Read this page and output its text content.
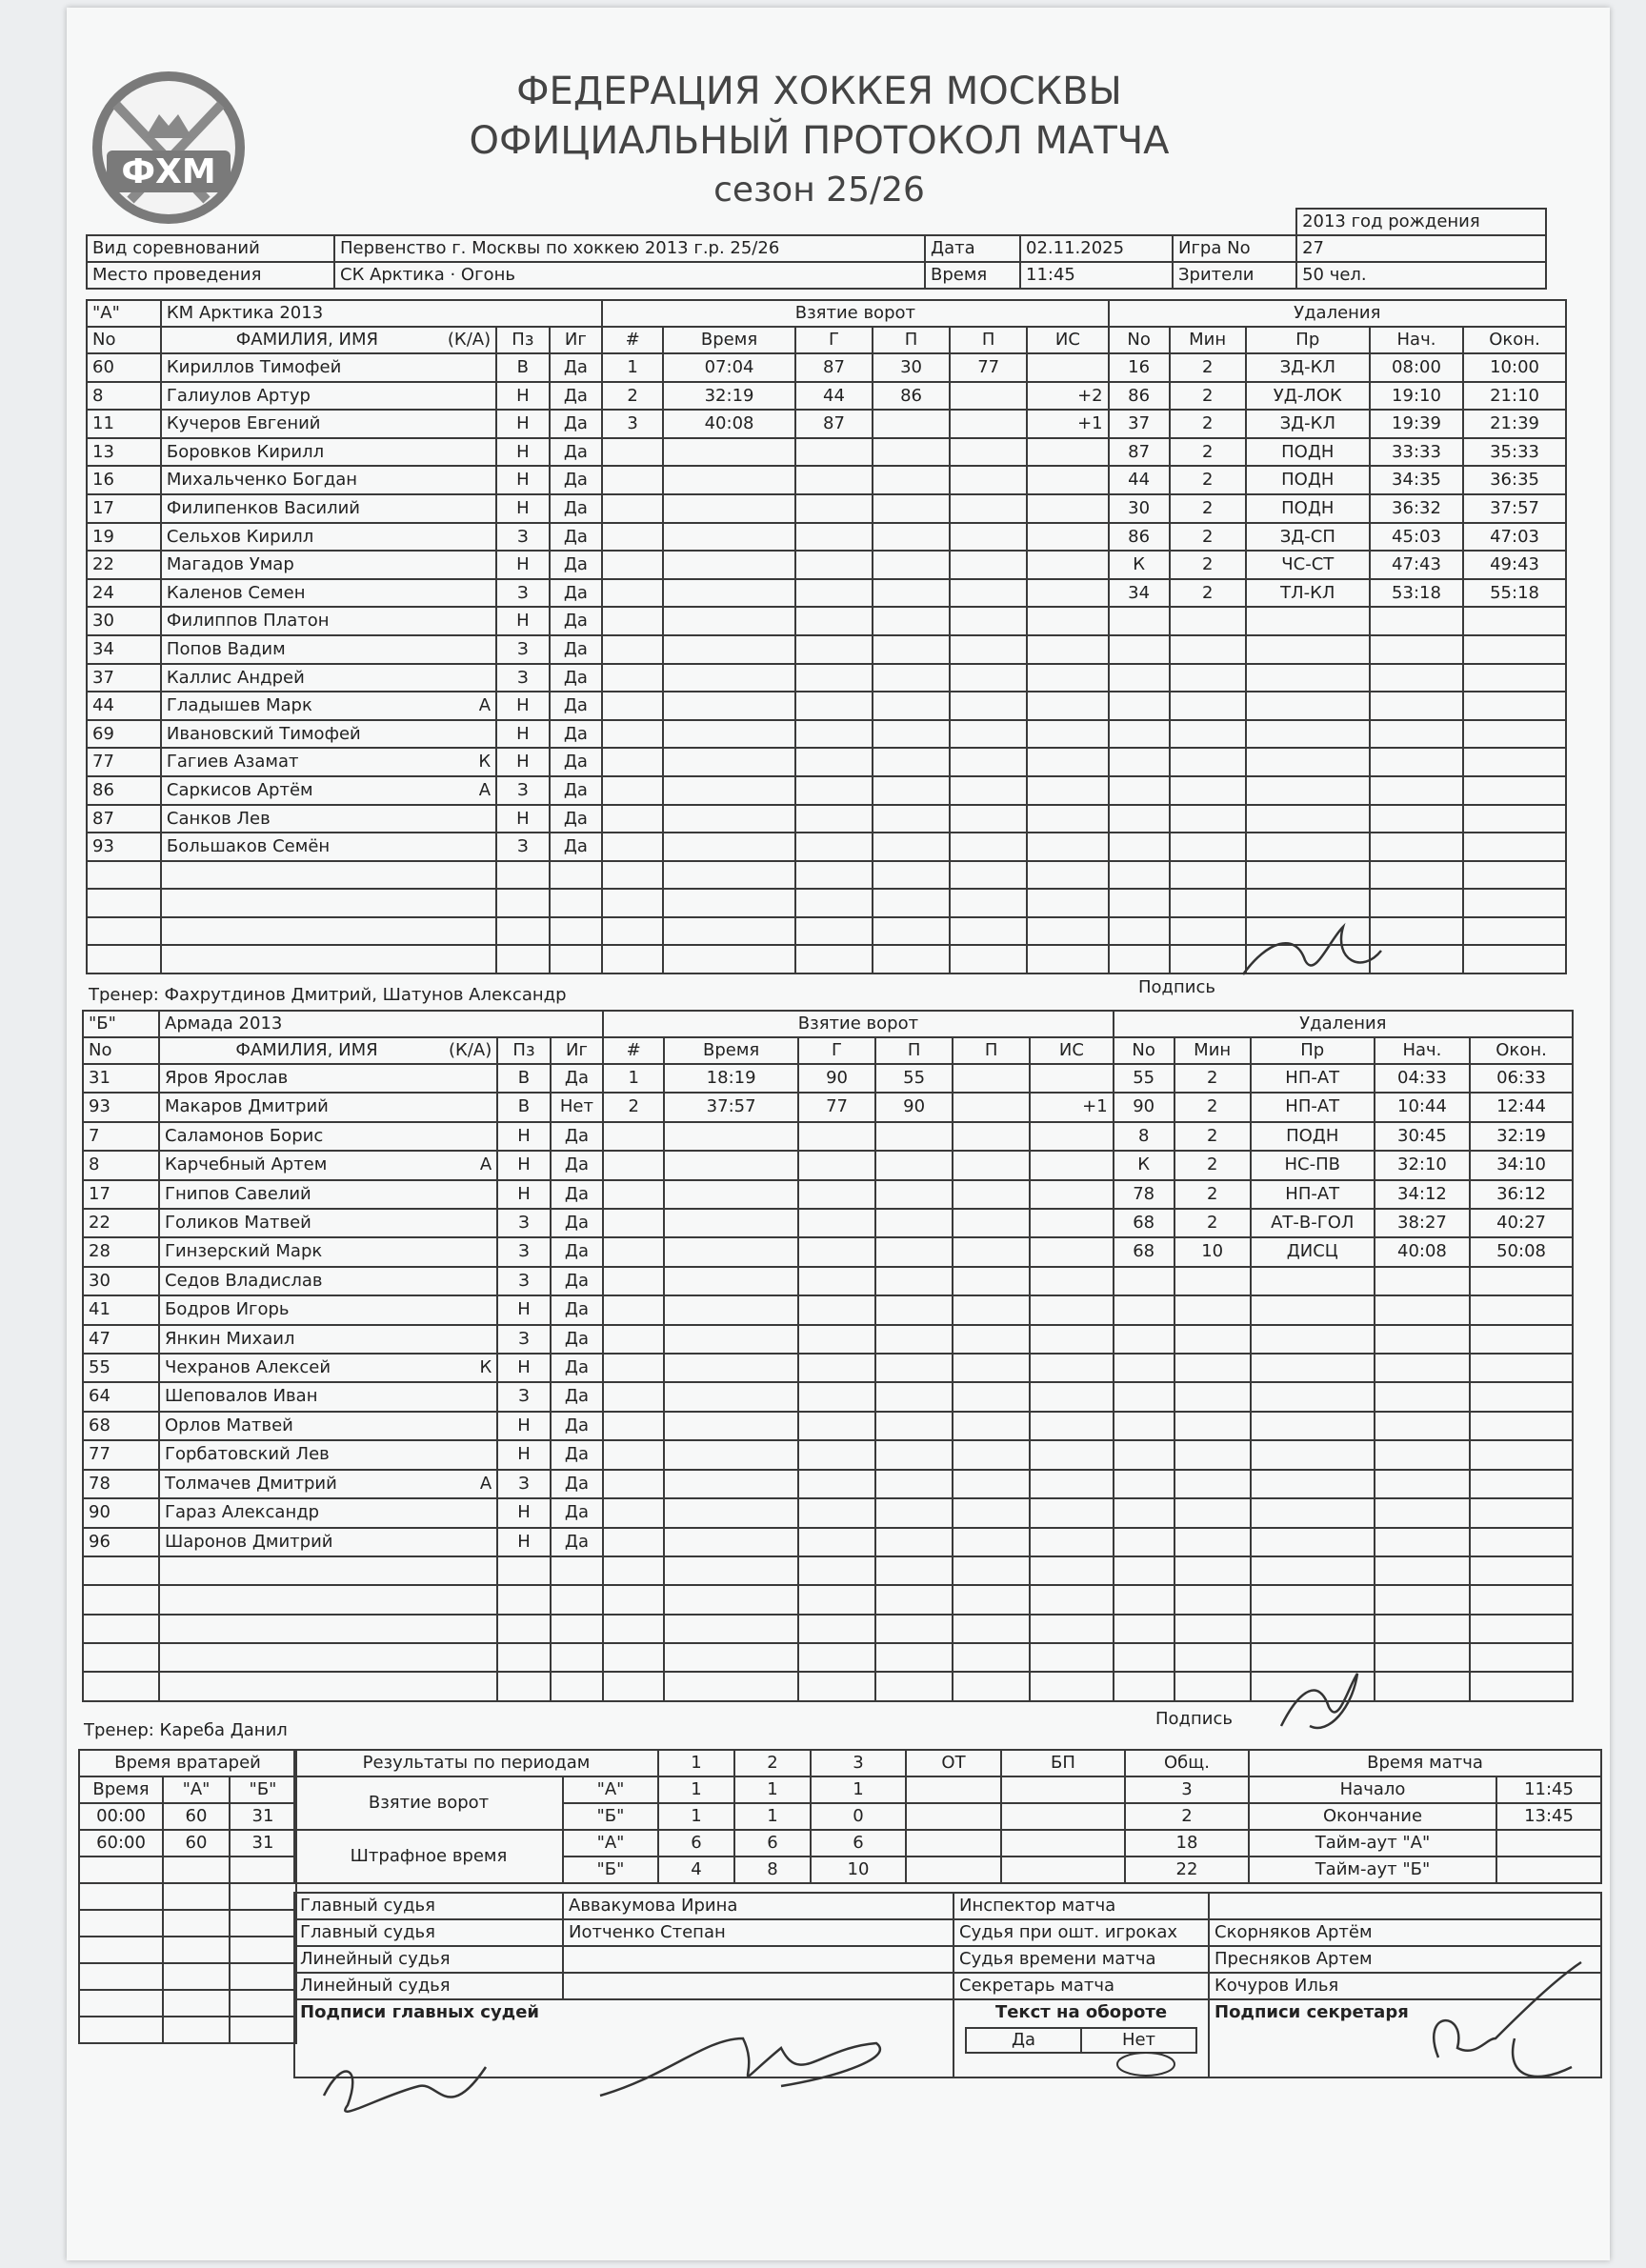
ФХМ
ФЕДЕРАЦИЯ ХОККЕЯ МОСКВЫ
ОФИЦИАЛЬНЫЙ ПРОТОКОЛ МАТЧА
сезон 25/26
					2013 год рождения
Вид соревнований	Первенство г. Москвы по хоккею 2013 г.р. 25/26	Дата	02.11.2025	Игра No	27
Место проведения	СК Арктика · Огонь	Время	11:45	Зрители	50 чел.
"А"	КМ Арктика 2013			Взятие ворот						Удаления				
No	ФАМИЛИЯ, ИМЯ (К/А)	Пз	Иг	#	Время	Г	П	П	ИС	No	Мин	Пр	Нач.	Окон.
60	Кириллов Тимофей	В	Да	1	07:04	87	30	77		16	2	ЗД-КЛ	08:00	10:00
8	Галиулов Артур	Н	Да	2	32:19	44	86		+2	86	2	УД-ЛОК	19:10	21:10
11	Кучеров Евгений	Н	Да	3	40:08	87			+1	37	2	ЗД-КЛ	19:39	21:39
13	Боровков Кирилл	Н	Да							87	2	ПОДН	33:33	35:33
16	Михальченко Богдан	Н	Да							44	2	ПОДН	34:35	36:35
17	Филипенков Василий	Н	Да							30	2	ПОДН	36:32	37:57
19	Сельхов Кирилл	З	Да							86	2	ЗД-СП	45:03	47:03
22	Магадов Умар	Н	Да							К	2	ЧС-СТ	47:43	49:43
24	Каленов Семен	З	Да							34	2	ТЛ-КЛ	53:18	55:18
30	Филиппов Платон	Н	Да											
34	Попов Вадим	З	Да											
37	Каллис Андрей	З	Да											
44	Гладышев Марк А	Н	Да											
69	Ивановский Тимофей	Н	Да											
77	Гагиев Азамат К	Н	Да											
86	Саркисов Артём А	З	Да											
87	Санков Лев	Н	Да											
93	Большаков Семён	З	Да											

Тренер: Фахрутдинов Дмитрий, Шатунов Александр	Подпись
"Б"	Армада 2013			Взятие ворот						Удаления				
No	ФАМИЛИЯ, ИМЯ (К/А)	Пз	Иг	#	Время	Г	П	П	ИС	No	Мин	Пр	Нач.	Окон.
31	Яров Ярослав	В	Да	1	18:19	90	55			55	2	НП-АТ	04:33	06:33
93	Макаров Дмитрий	В	Нет	2	37:57	77	90		+1	90	2	НП-АТ	10:44	12:44
7	Саламонов Борис	Н	Да							8	2	ПОДН	30:45	32:19
8	Карчебный Артем А	Н	Да							К	2	НС-ПВ	32:10	34:10
17	Гнипов Савелий	Н	Да							78	2	НП-АТ	34:12	36:12
22	Голиков Матвей	З	Да							68	2	АТ-В-ГОЛ	38:27	40:27
28	Гинзерский Марк	З	Да							68	10	ДИСЦ	40:08	50:08
30	Седов Владислав	З	Да											
41	Бодров Игорь	Н	Да											
47	Янкин Михаил	З	Да											
55	Чехранов Алексей К	Н	Да											
64	Шеповалов Иван	З	Да											
68	Орлов Матвей	Н	Да											
77	Горбатовский Лев	Н	Да											
78	Толмачев Дмитрий А	З	Да											
90	Гараз Александр	Н	Да											
96	Шаронов Дмитрий	Н	Да											

Тренер: Кареба Данил
Подпись
Время вратарей		
Время	"А"	"Б"
00:00	60	31
60:00	60	31

Результаты по периодам		1	2	3	ОТ	БП	Общ.	Время матча	
Взятие ворот	"А"	1	1	1			3	Начало	11:45
	"Б"	1	1	0			2	Окончание	13:45
Штрафное время	"А"	6	6	6			18	Тайм-аут "А"	
	"Б"	4	8	10			22	Тайм-аут "Б"	
Главный судья	Аввакумова Ирина	Инспектор матча	
Главный судья	Иотченко Степан	Судья при ошт. игроках	Скорняков Артём
Линейный судья		Судья времени матча	Пресняков Артем
Линейный судья		Секретарь матча	Кочуров Илья
Подписи главных судей		Текст на обороте
Да Нет	Подписи секретаря
